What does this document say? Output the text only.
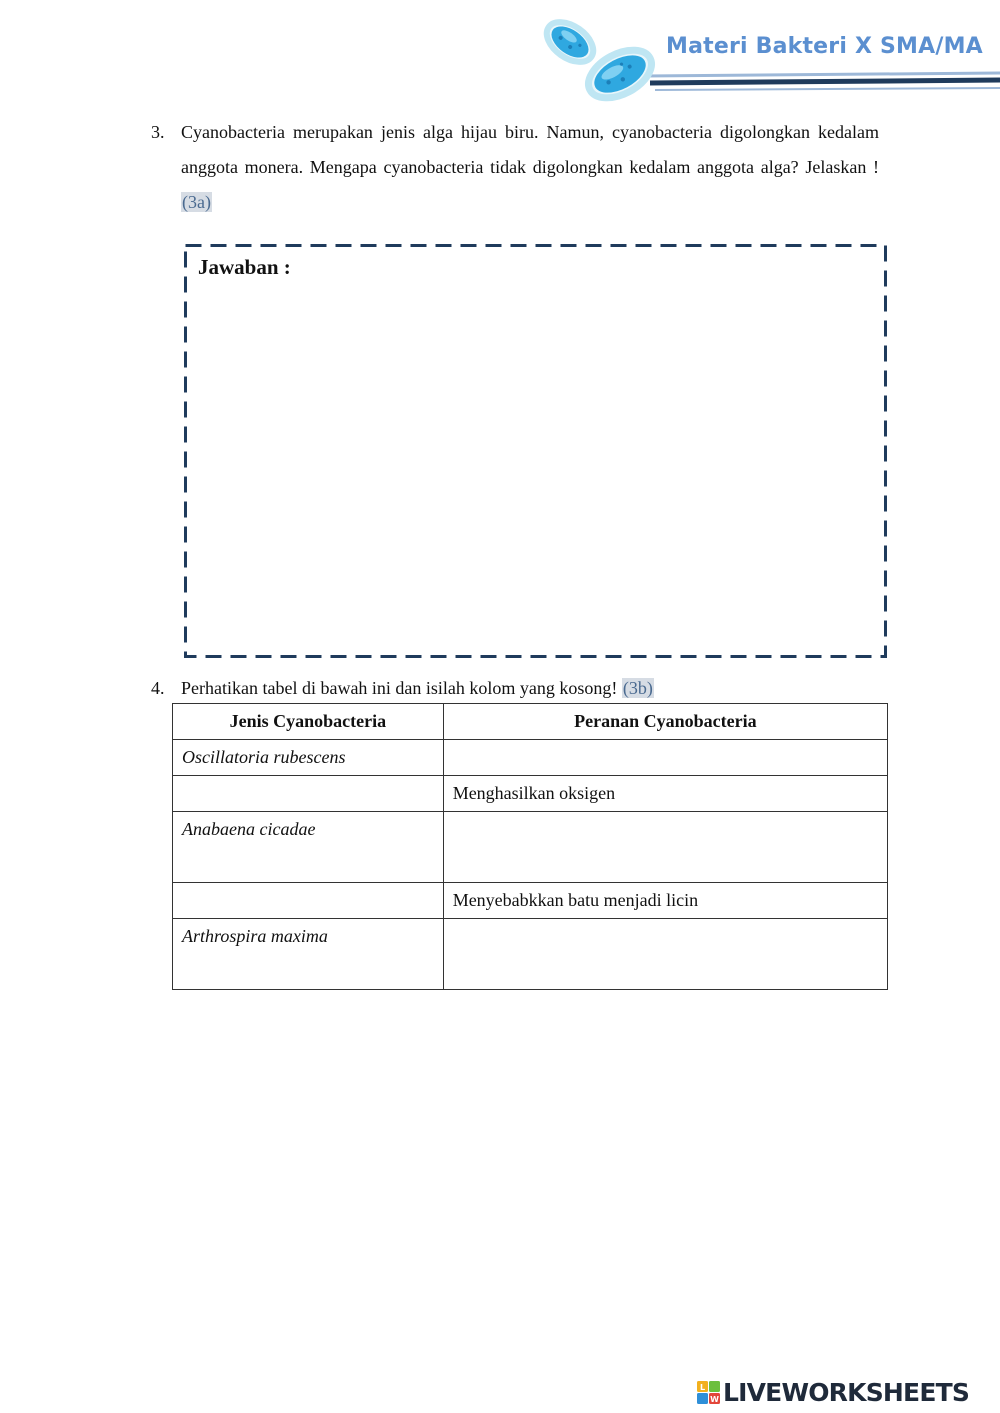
Materi Bakteri X SMA/MA
3. Cyanobacteria merupakan jenis alga hijau biru. Namun, cyanobacteria digolongkan kedalam anggota monera. Mengapa cyanobacteria tidak digolongkan kedalam anggota alga? Jelaskan ! (3a)
Jawaban :
4. Perhatikan tabel di bawah ini dan isilah kolom yang kosong! (3b)
Jenis Cyanobacteria	Peranan Cyanobacteria
Oscillatoria rubescens	
	Menghasilkan oksigen
Anabaena cicadae	
	Menyebabkkan batu menjadi licin
Arthrospira maxima	
L
W LIVEWORKSHEETS
